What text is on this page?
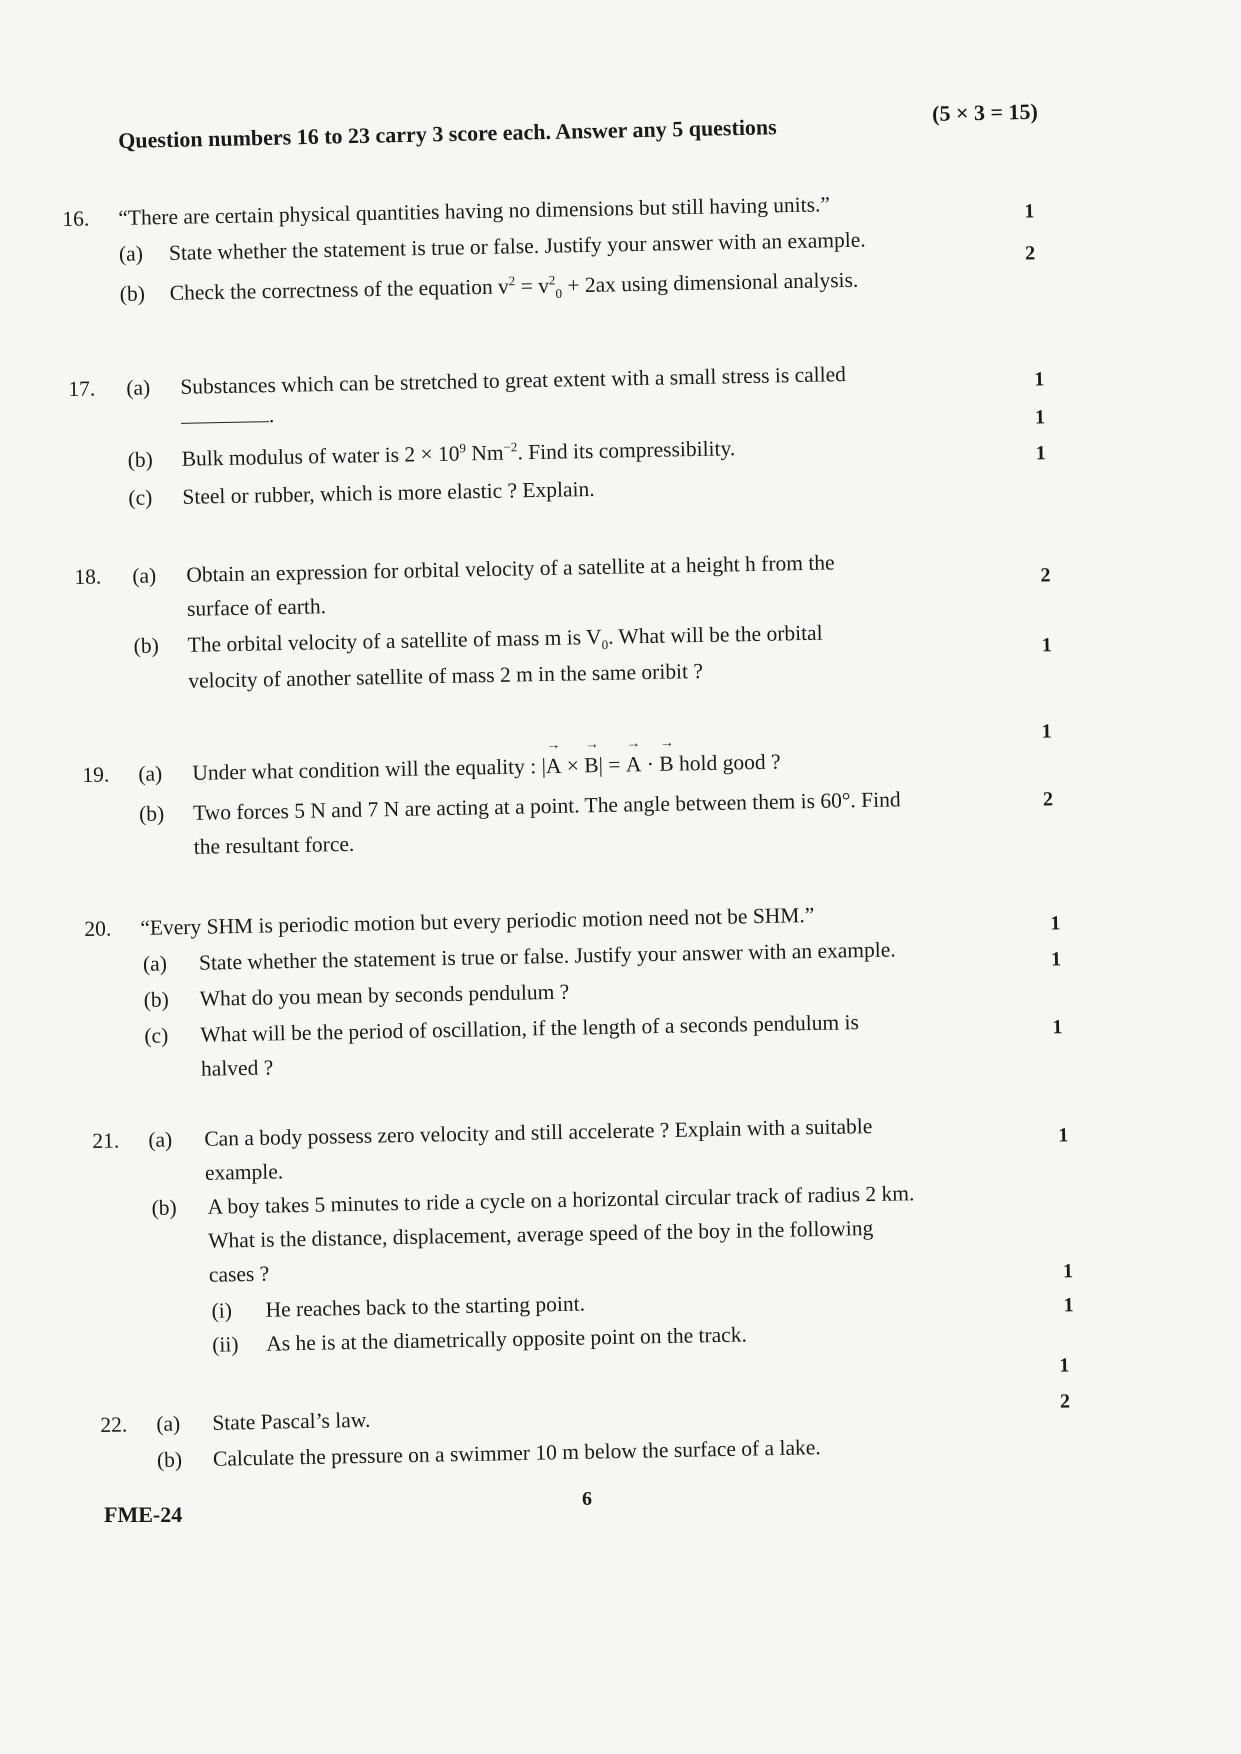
Question numbers 16 to 23 carry 3 score each. Answer any 5 questions
(5 × 3 = 15)
16. “There are certain physical quantities having no dimensions but still having units.”
(a) State whether the statement is true or false. Justify your answer with an example.
1
(b) Check the correctness of the equation $v^2 = v^2_0 + 2ax$ using dimensional analysis.
2
17. (a) Substances which can be stretched to great extent with a small stress is called
.
1
(b) Bulk modulus of water is $2 \times 10^9$ $Nm^{-2}$. Find its compressibility.
1
(c) Steel or rubber, which is more elastic ? Explain.
1
18. (a) Obtain an expression for orbital velocity of a satellite at a height h from the
surface of earth.
2
(b) The orbital velocity of a satellite of mass m is $V_0$. What will be the orbital
velocity of another satellite of mass 2 m in the same oribit ?
1
19. (a) Under what condition will the equality : |→ A × → B| = → A · → B hold good ?
1
(b) Two forces 5 N and 7 N are acting at a point. The angle between them is 60°. Find
the resultant force.
2
20. “Every SHM is periodic motion but every periodic motion need not be SHM.”
(a) State whether the statement is true or false. Justify your answer with an example.
1
(b) What do you mean by seconds pendulum ?
1
(c) What will be the period of oscillation, if the length of a seconds pendulum is
halved ?
1
21. (a) Can a body possess zero velocity and still accelerate ? Explain with a suitable
example.
1
(b) A boy takes 5 minutes to ride a cycle on a horizontal circular track of radius 2 km.
What is the distance, displacement, average speed of the boy in the following
cases ?
(i) He reaches back to the starting point.
1
(ii) As he is at the diametrically opposite point on the track.
1
22. (a) State Pascal’s law.
1
(b) Calculate the pressure on a swimmer 10 m below the surface of a lake.
2
6
FME-24
